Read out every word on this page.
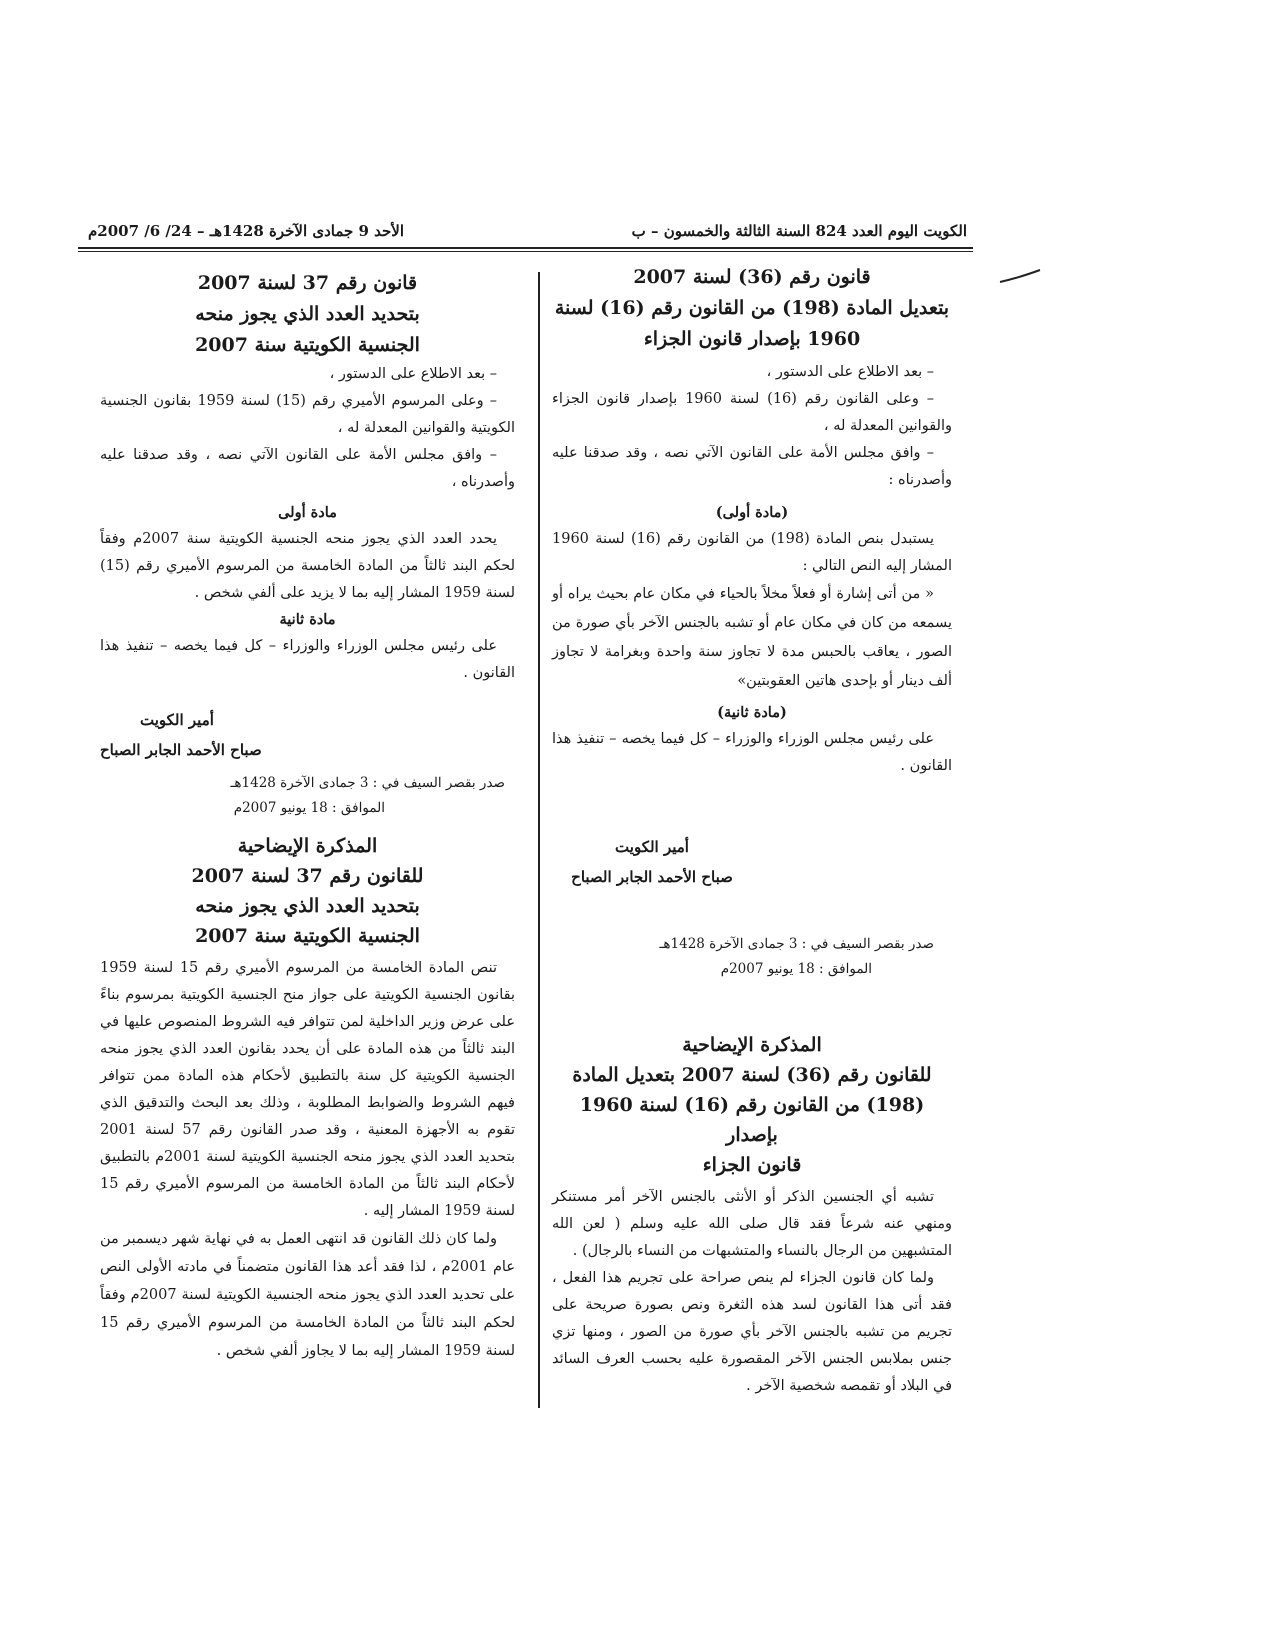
الكويت اليوم العدد 824 السنة الثالثة والخمسون – ب
الأحد 9 جمادى الآخرة 1428هـ – 24/ 6/ 2007م

قانون رقم (36) لسنة 2007

بتعديل المادة (198) من القانون رقم (16) لسنة

1960 بإصدار قانون الجزاء

– بعد الاطلاع على الدستور ،

– وعلى القانون رقم (16) لسنة 1960 بإصدار قانون الجزاء والقوانين المعدلة له ،

– وافق مجلس الأمة على القانون الآتي نصه ، وقد صدقنا عليه وأصدرناه :

(مادة أولى)

يستبدل بنص المادة (198) من القانون رقم (16) لسنة 1960 المشار إليه النص التالي :

« من أتى إشارة أو فعلاً مخلاً بالحياء في مكان عام بحيث يراه أو يسمعه من كان في مكان عام أو تشبه بالجنس الآخر بأي صورة من الصور ، يعاقب بالحبس مدة لا تجاوز سنة واحدة وبغرامة لا تجاوز ألف دينار أو بإحدى هاتين العقوبتين»

(مادة ثانية)

على رئيس مجلس الوزراء والوزراء – كل فيما يخصه – تنفيذ هذا القانون .

أمير الكويت

صباح الأحمد الجابر الصباح

صدر بقصر السيف في : 3 جمادى الآخرة 1428هـ

الموافق : 18 يونيو 2007م

المذكرة الإيضاحية

للقانون رقم (36) لسنة 2007 بتعديل المادة

(198) من القانون رقم (16) لسنة 1960 بإصدار

قانون الجزاء

تشبه أي الجنسين الذكر أو الأنثى بالجنس الآخر أمر مستنكر ومنهي عنه شرعاً فقد قال صلى الله عليه وسلم ( لعن الله المتشبهين من الرجال بالنساء والمتشبهات من النساء بالرجال) .

ولما كان قانون الجزاء لم ينص صراحة على تجريم هذا الفعل ، فقد أتى هذا القانون لسد هذه الثغرة ونص بصورة صريحة على تجريم من تشبه بالجنس الآخر بأي صورة من الصور ، ومنها تزي جنس بملابس الجنس الآخر المقصورة عليه بحسب العرف السائد في البلاد أو تقمصه شخصية الآخر .

قانون رقم 37 لسنة 2007

بتحديد العدد الذي يجوز منحه

الجنسية الكويتية سنة 2007

– بعد الاطلاع على الدستور ،

– وعلى المرسوم الأميري رقم (15) لسنة 1959 بقانون الجنسية الكويتية والقوانين المعدلة له ،

– وافق مجلس الأمة على القانون الآتي نصه ، وقد صدقنا عليه وأصدرناه ،

مادة أولى

يحدد العدد الذي يجوز منحه الجنسية الكويتية سنة 2007م وفقاً لحكم البند ثالثاً من المادة الخامسة من المرسوم الأميري رقم (15) لسنة 1959 المشار إليه بما لا يزيد على ألفي شخص .

مادة ثانية

على رئيس مجلس الوزراء والوزراء – كل فيما يخصه – تنفيذ هذا القانون .

أمير الكويت

صباح الأحمد الجابر الصباح

صدر بقصر السيف في : 3 جمادى الآخرة 1428هـ

الموافق : 18 يونيو 2007م

المذكرة الإيضاحية

للقانون رقم 37 لسنة 2007

بتحديد العدد الذي يجوز منحه

الجنسية الكويتية سنة 2007

تنص المادة الخامسة من المرسوم الأميري رقم 15 لسنة 1959 بقانون الجنسية الكويتية على جواز منح الجنسية الكويتية بمرسوم بناءً على عرض وزير الداخلية لمن تتوافر فيه الشروط المنصوص عليها في البند ثالثاً من هذه المادة على أن يحدد بقانون العدد الذي يجوز منحه الجنسية الكويتية كل سنة بالتطبيق لأحكام هذه المادة ممن تتوافر فيهم الشروط والضوابط المطلوبة ، وذلك بعد البحث والتدقيق الذي تقوم به الأجهزة المعنية ، وقد صدر القانون رقم 57 لسنة 2001 بتحديد العدد الذي يجوز منحه الجنسية الكويتية لسنة 2001م بالتطبيق لأحكام البند ثالثاً من المادة الخامسة من المرسوم الأميري رقم 15 لسنة 1959 المشار إليه .

ولما كان ذلك القانون قد انتهى العمل به في نهاية شهر ديسمبر من عام 2001م ، لذا فقد أعد هذا القانون متضمناً في مادته الأولى النص على تحديد العدد الذي يجوز منحه الجنسية الكويتية لسنة 2007م وفقاً لحكم البند ثالثاً من المادة الخامسة من المرسوم الأميري رقم 15 لسنة 1959 المشار إليه بما لا يجاوز ألفي شخص .
